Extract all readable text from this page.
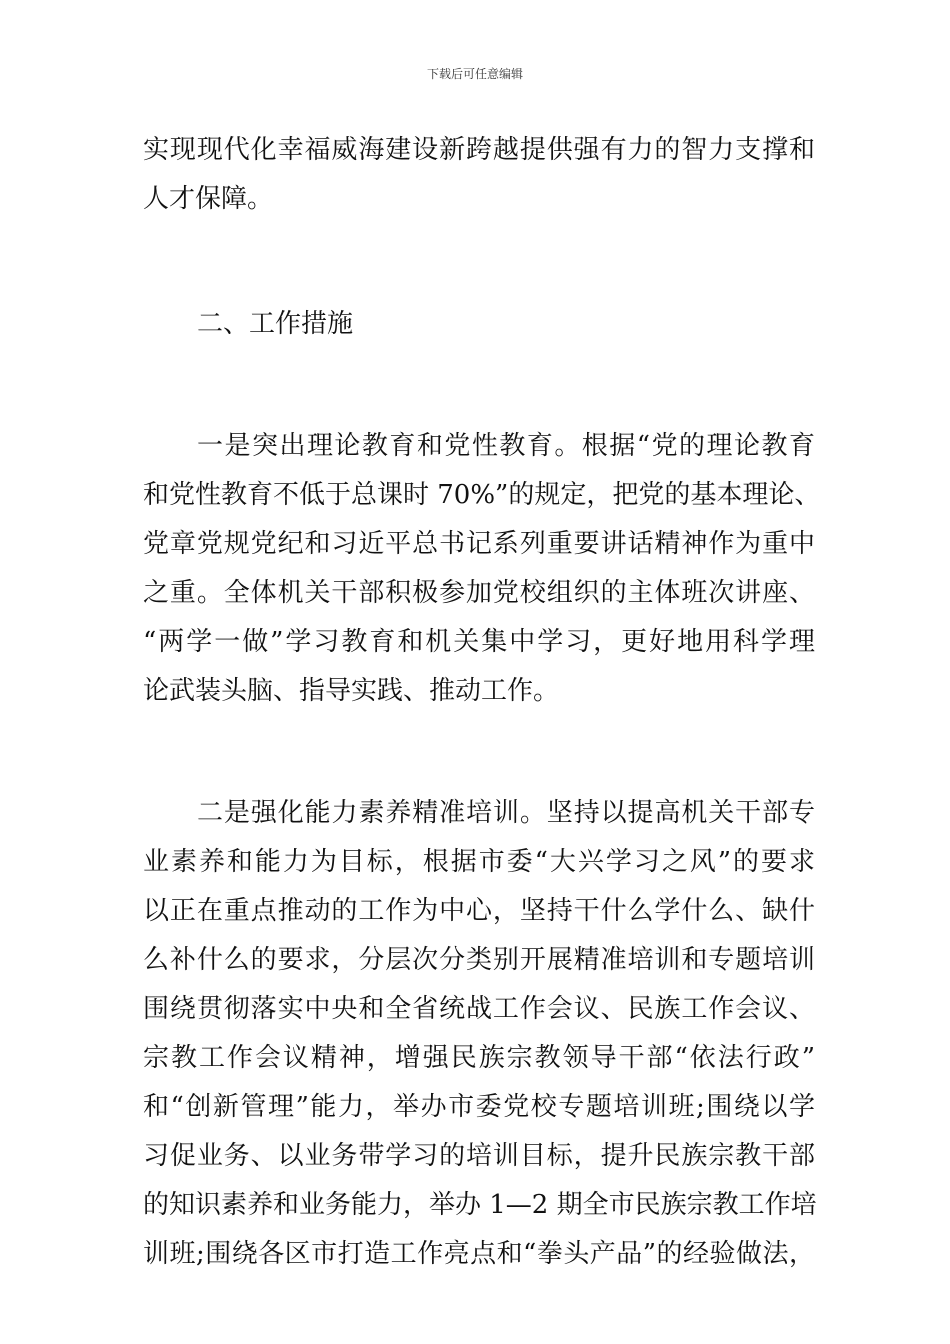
下载后可任意编辑
实现现代化幸福威海建设新跨越提供强有力的智力支撑和
人才保障。
二、工作措施
一是突出理论教育和党性教育。根据“党的理论教育
和党性教育不低于总课时 70%”的规定，把党的基本理论、
党章党规党纪和习近平总书记系列重要讲话精神作为重中
之重。全体机关干部积极参加党校组织的主体班次讲座、
“两学一做”学习教育和机关集中学习，更好地用科学理
论武装头脑、指导实践、推动工作。
二是强化能力素养精准培训。坚持以提高机关干部专
业素养和能力为目标，根据市委“大兴学习之风”的要求
以正在重点推动的工作为中心，坚持干什么学什么、缺什
么补什么的要求，分层次分类别开展精准培训和专题培训
围绕贯彻落实中央和全省统战工作会议、民族工作会议、
宗教工作会议精神，增强民族宗教领导干部“依法行政”
和“创新管理”能力，举办市委党校专题培训班;围绕以学
习促业务、以业务带学习的培训目标，提升民族宗教干部
的知识素养和业务能力，举办 1—2 期全市民族宗教工作培
训班;围绕各区市打造工作亮点和“拳头产品”的经验做法，
